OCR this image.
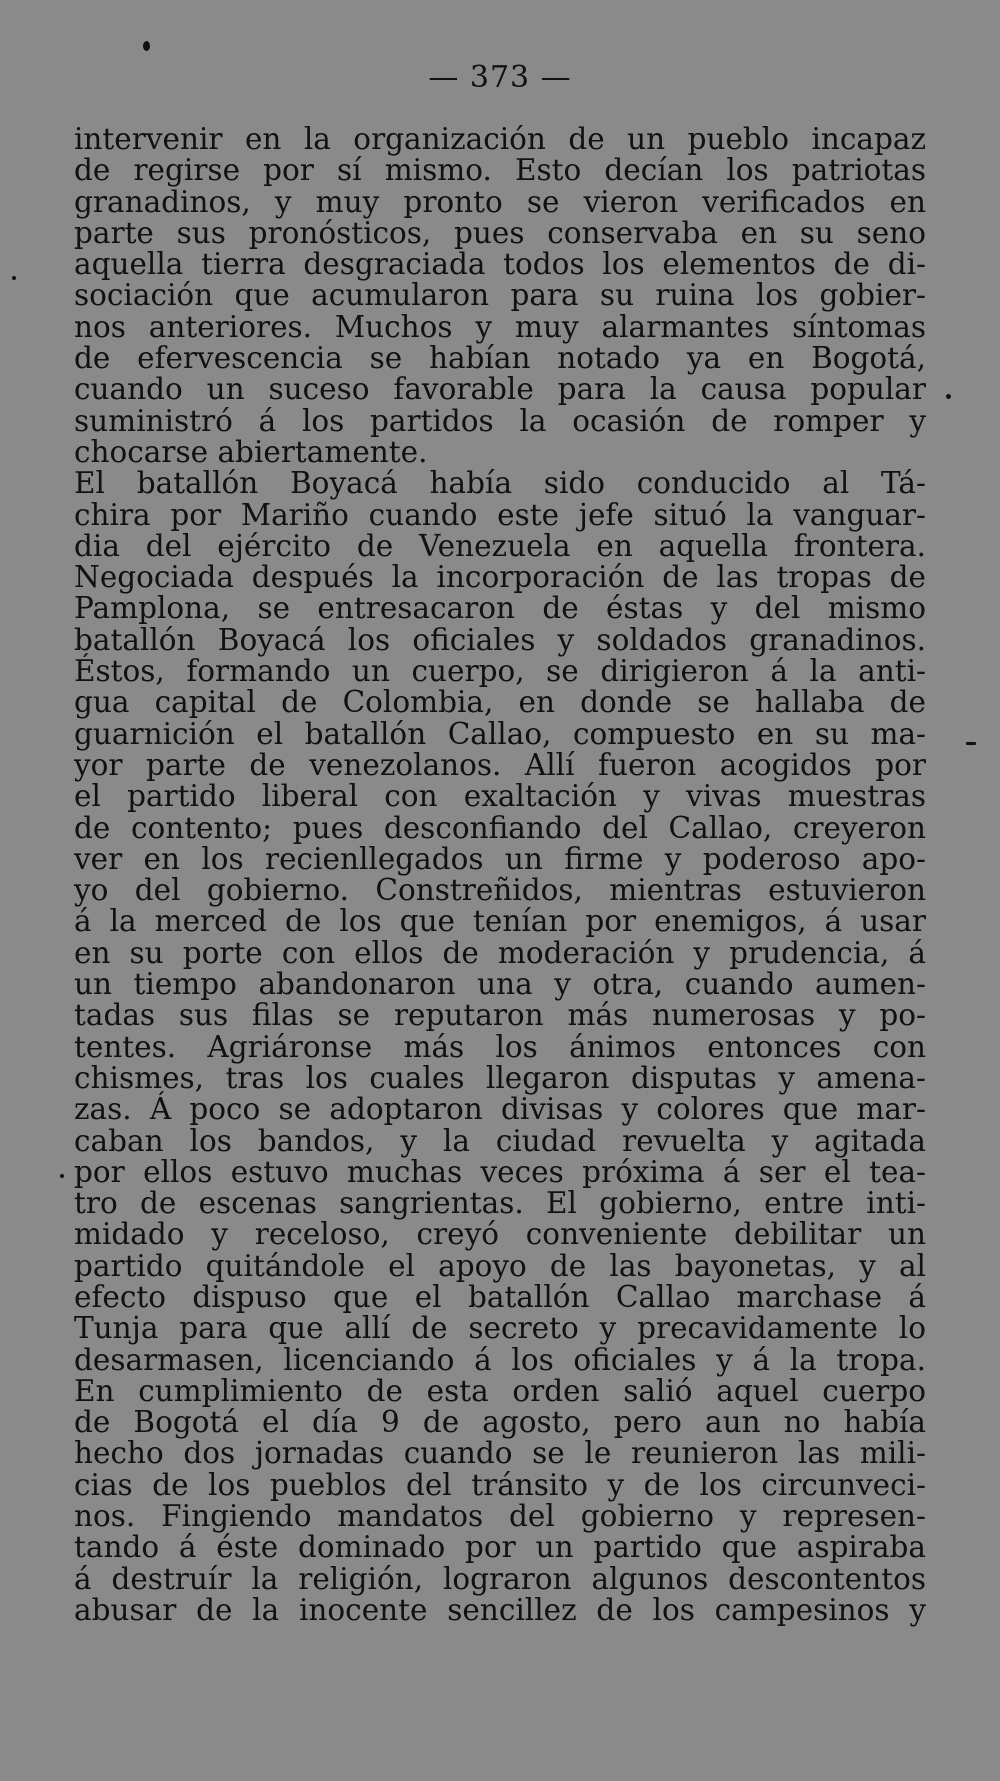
— 373 —
intervenir en la organización de un pueblo incapaz
de regirse por sí mismo. Esto decían los patriotas
granadinos, y muy pronto se vieron verificados en
parte sus pronósticos, pues conservaba en su seno
aquella tierra desgraciada todos los elementos de di-
sociación que acumularon para su ruina los gobier-
nos anteriores. Muchos y muy alarmantes síntomas
de efervescencia se habían notado ya en Bogotá,
cuando un suceso favorable para la causa popular
suministró á los partidos la ocasión de romper y
chocarse abiertamente.
El batallón Boyacá había sido conducido al Tá-
chira por Mariño cuando este jefe situó la vanguar-
dia del ejército de Venezuela en aquella frontera.
Negociada después la incorporación de las tropas de
Pamplona, se entresacaron de éstas y del mismo
batallón Boyacá los oficiales y soldados granadinos.
Éstos, formando un cuerpo, se dirigieron á la anti-
gua capital de Colombia, en donde se hallaba de
guarnición el batallón Callao, compuesto en su ma-
yor parte de venezolanos. Allí fueron acogidos por
el partido liberal con exaltación y vivas muestras
de contento; pues desconfiando del Callao, creyeron
ver en los recienllegados un firme y poderoso apo-
yo del gobierno. Constreñidos, mientras estuvieron
á la merced de los que tenían por enemigos, á usar
en su porte con ellos de moderación y prudencia, á
un tiempo abandonaron una y otra, cuando aumen-
tadas sus filas se reputaron más numerosas y po-
tentes. Agriáronse más los ánimos entonces con
chismes, tras los cuales llegaron disputas y amena-
zas. Á poco se adoptaron divisas y colores que mar-
caban los bandos, y la ciudad revuelta y agitada
por ellos estuvo muchas veces próxima á ser el tea-
tro de escenas sangrientas. El gobierno, entre inti-
midado y receloso, creyó conveniente debilitar un
partido quitándole el apoyo de las bayonetas, y al
efecto dispuso que el batallón Callao marchase á
Tunja para que allí de secreto y precavidamente lo
desarmasen, licenciando á los oficiales y á la tropa.
En cumplimiento de esta orden salió aquel cuerpo
de Bogotá el día 9 de agosto, pero aun no había
hecho dos jornadas cuando se le reunieron las mili-
cias de los pueblos del tránsito y de los circunveci-
nos. Fingiendo mandatos del gobierno y represen-
tando á éste dominado por un partido que aspiraba
á destruír la religión, lograron algunos descontentos
abusar de la inocente sencillez de los campesinos y
